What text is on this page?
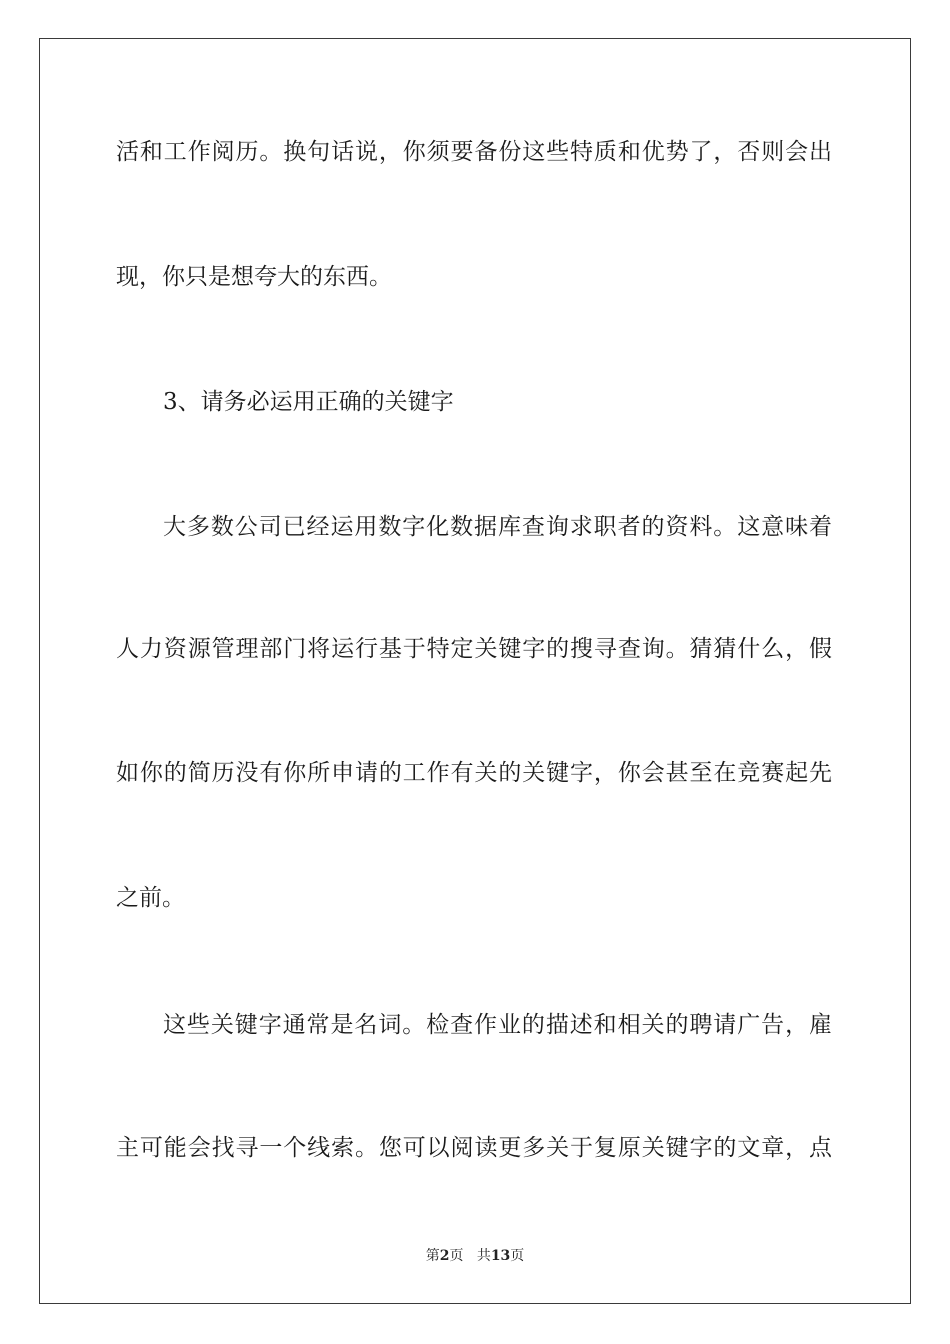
活和工作阅历。换句话说，你须要备份这些特质和优势了，否则会出
现，你只是想夸大的东西。
3、请务必运用正确的关键字
大多数公司已经运用数字化数据库查询求职者的资料。这意味着
人力资源管理部门将运行基于特定关键字的搜寻查询。猜猜什么，假
如你的简历没有你所申请的工作有关的关键字，你会甚至在竞赛起先
之前。
这些关键字通常是名词。检查作业的描述和相关的聘请广告，雇
主可能会找寻一个线索。您可以阅读更多关于复原关键字的文章，点
第2页 共13页
